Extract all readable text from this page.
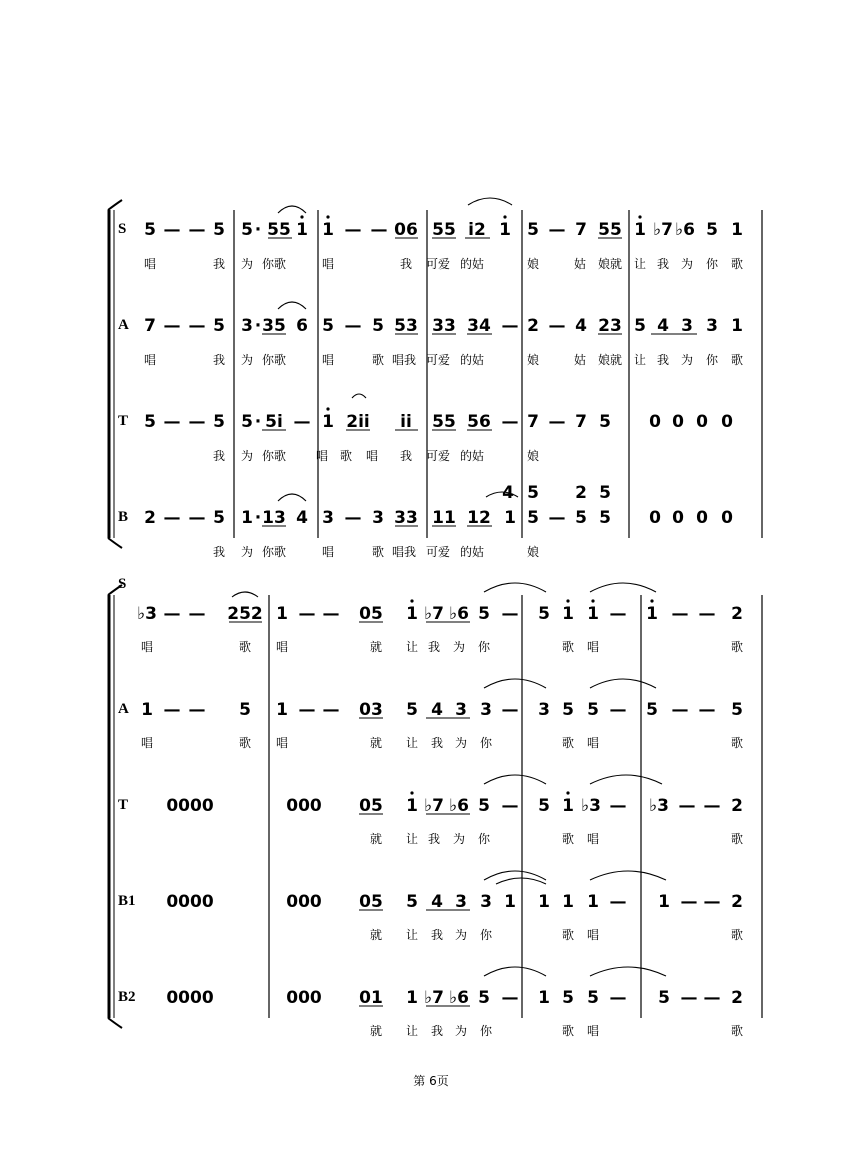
S 5 — — 5 5 · 55 1 1 — — 06 55 i2 1 5 — 7 55 1 ♭7 ♭6 5 1
唱	我 为 你歌	唱	我 可爱 的姑	娘	姑 娘就 让 我 为 你 歌
A 7 — — 5 3 · 35 6 5 — 5 53 33 34 — 2 — 4 23 5 4 3 3 1
唱	我 为 你歌	唱	歌 唱我 可爱 的姑	娘	姑 娘就 让 我 为 你 歌
T 5 — — 5 5 · 5i — 1 2ii ii 55 56 — 7 — 7 5 0 0 0 0
我 为 你歌 唱 歌 唱 我 可爱 的姑	娘
B 2 — — 5 1 · 13 4 3 — 3 33 11 12 1 5 — 5 5 0 0 0 0
4 5 2 5
我 为 你歌	唱	歌 唱我 可爱 的姑	娘
♭3 — — 252 1 — — 05 1 ♭7 ♭6 5 — 5 1 1 — 1 — — 2
唱	歌 唱	就 让 我 为 你	歌 唱	歌
A 1 — — 5 1 — — 03 5 4 3 3 — 3 5 5 — 5 — — 5
唱	歌 唱	就 让 我 为 你	歌 唱	歌
T 0000	000 05 1 ♭7 ♭6 5 — 5 1 ♭3 — ♭3 — — 2
就 让 我 为 你	歌 唱	歌
B1 0000	000 05 5 4 3 3 1 1 1 1 — 1 — — 2
就 让 我 为 你	歌 唱	歌
B2 0000	000 01 1 ♭7 ♭6 5 — 1 5 5 — 5 — — 2
就 让 我 为 你	歌 唱	歌
S
第 6页
